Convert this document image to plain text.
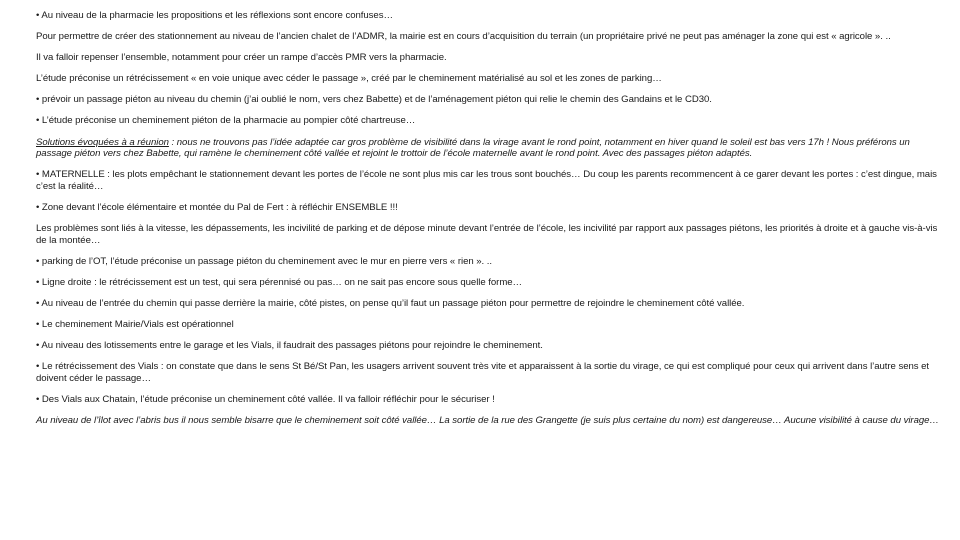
• Au niveau de la pharmacie les propositions et les réflexions sont encore confuses…

Pour permettre de créer des stationnement au niveau de l’ancien chalet de l’ADMR, la mairie est en cours d’acquisition du terrain (un propriétaire privé ne peut pas aménager la zone qui est « agricole ». ..

Il va falloir repenser l’ensemble, notamment pour créer un rampe d’accès PMR vers la pharmacie.

L’étude préconise un rétrécissement « en voie unique avec céder le passage », créé par le cheminement matérialisé au sol et les zones de parking…

• prévoir un passage piéton au niveau du chemin (j’ai oublié le nom, vers chez Babette) et de l’aménagement piéton qui relie le chemin des Gandains et le CD30.

• L’étude préconise un cheminement piéton de la pharmacie au pompier côté chartreuse…

Solutions évoquées à a réunion : nous ne trouvons pas l’idée adaptée car gros problème de visibilité dans la virage avant le rond point, notamment en hiver quand le soleil est bas vers 17h ! Nous préférons un passage piéton vers chez Babette, qui ramène le cheminement côté vallée et rejoint le trottoir de l’école maternelle avant le rond point. Avec des passages piéton adaptés.

• MATERNELLE : les plots empêchant le stationnement devant les portes de l’école ne sont plus mis car les trous sont bouchés… Du coup les parents recommencent à ce garer devant les portes : c’est dingue, mais c’est la réalité…

• Zone devant l’école élémentaire et montée du Pal de Fert : à réfléchir ENSEMBLE !!!

Les problèmes sont liés à la vitesse, les dépassements, les incivilité de parking et de dépose minute devant l’entrée de l’école, les incivilité par rapport aux passages piétons, les priorités à droite et à gauche vis-à-vis de la montée…

• parking de l’OT, l’étude préconise un passage piéton du cheminement avec le mur en pierre vers « rien ». ..

• Ligne droite : le rétrécissement est un test, qui sera pérennisé ou pas… on ne sait pas encore sous quelle forme…

• Au niveau de l’entrée du chemin qui passe derrière la mairie, côté pistes, on pense qu’il faut un passage piéton pour permettre de rejoindre le cheminement côté vallée.

• Le cheminement Mairie/Vials est opérationnel

• Au niveau des lotissements entre le garage et les Vials, il faudrait des passages piétons pour rejoindre le cheminement.

• Le rétrécissement des Vials : on constate que dans le sens St Bé/St Pan, les usagers arrivent souvent très vite et apparaissent à la sortie du virage, ce qui est compliqué pour ceux qui arrivent dans l’autre sens et doivent céder le passage…

• Des Vials aux Chatain, l’étude préconise un cheminement côté vallée. Il va falloir réfléchir pour le sécuriser !

Au niveau de l’îlot avec l’abris bus il nous semble bisarre que le cheminement soit côté vallée… La sortie de la rue des Grangette (je suis plus certaine du nom) est dangereuse… Aucune visibilité à cause du virage…
